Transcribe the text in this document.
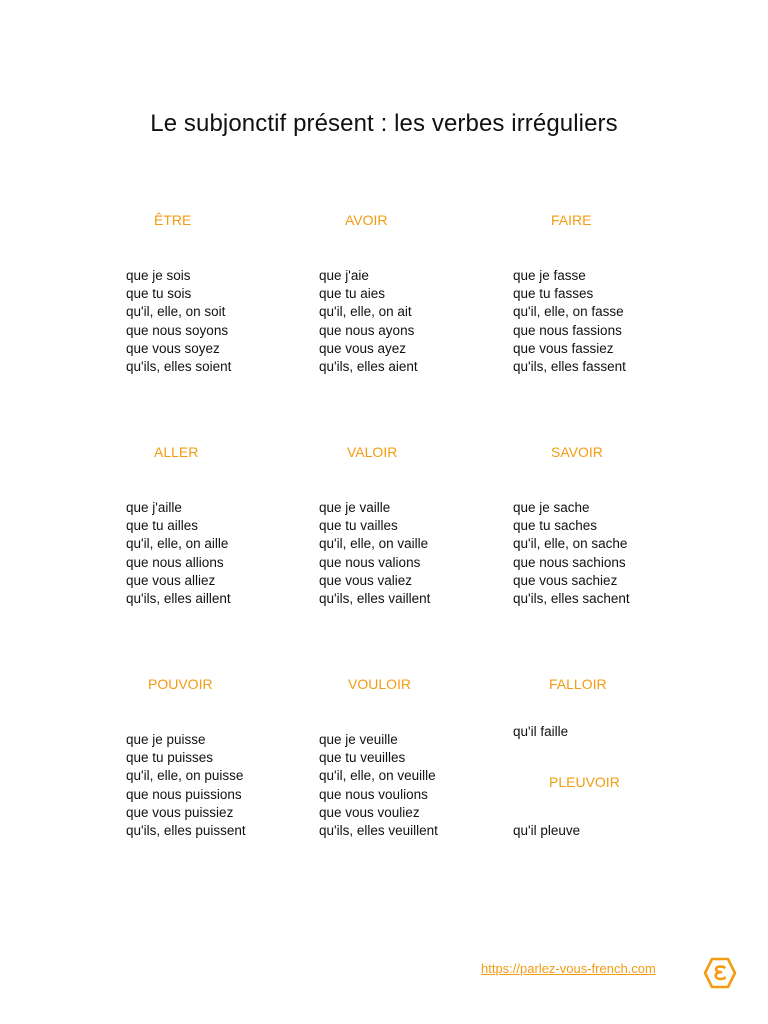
Le subjonctif présent : les verbes irréguliers
ÊTRE
que je sois
que tu sois
qu'il, elle, on soit
que nous soyons
que vous soyez
qu'ils, elles soient
AVOIR
que j'aie
que tu aies
qu'il, elle, on ait
que nous ayons
que vous ayez
qu'ils, elles aient
FAIRE
que je fasse
que tu fasses
qu'il, elle, on fasse
que nous fassions
que vous fassiez
qu'ils, elles fassent
ALLER
que j'aille
que tu ailles
qu'il, elle, on aille
que nous allions
que vous alliez
qu'ils, elles aillent
VALOIR
que je vaille
que tu vailles
qu'il, elle, on vaille
que nous valions
que vous valiez
qu'ils, elles vaillent
SAVOIR
que je sache
que tu saches
qu'il, elle, on sache
que nous sachions
que vous sachiez
qu'ils, elles sachent
POUVOIR
que je puisse
que tu puisses
qu'il, elle, on puisse
que nous puissions
que vous puissiez
qu'ils, elles puissent
VOULOIR
que je veuille
que tu veuilles
qu'il, elle, on veuille
que nous voulions
que vous vouliez
qu'ils, elles veuillent
FALLOIR
qu'il faille
PLEUVOIR
qu'il pleuve
https://parlez-vous-french.com
